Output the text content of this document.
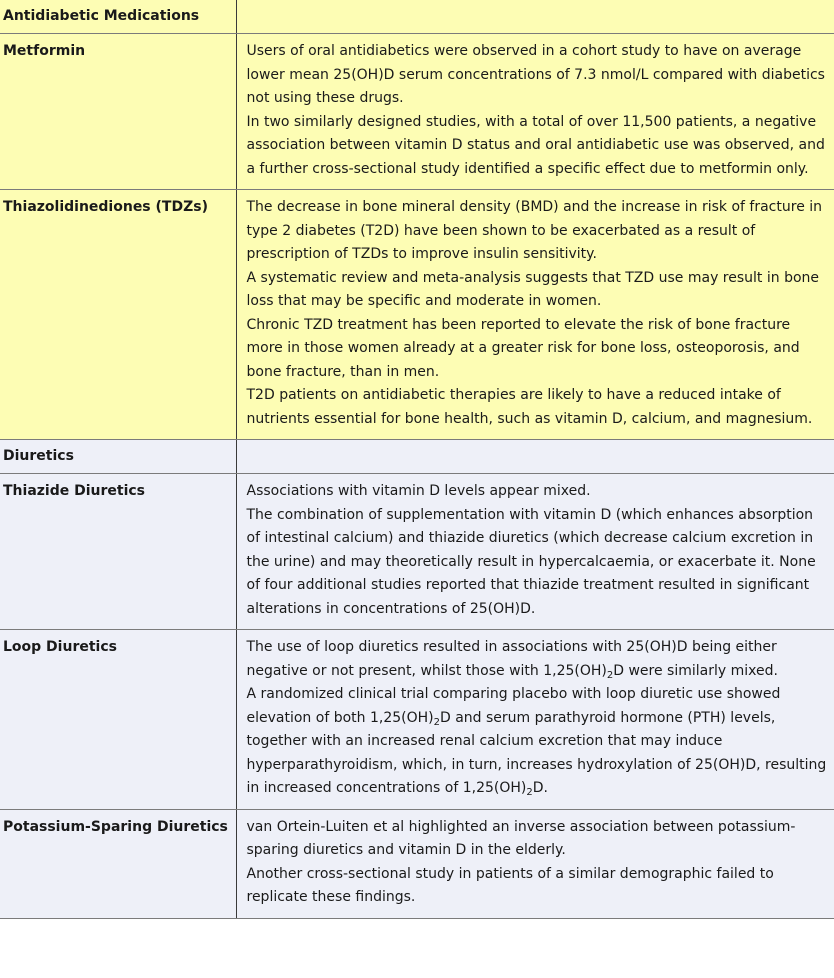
Antidiabetic Medications	
Metformin	Users of oral antidiabetics were observed in a cohort study to have on average lower mean 25(OH)D serum concentrations of 7.3 nmol/L compared with diabetics not using these drugs.
In two similarly designed studies, with a total of over 11,500 patients, a negative association between vitamin D status and oral antidiabetic use was observed, and a further cross-sectional study identified a specific effect due to metformin only.

Thiazolidinediones (TDZs)	The decrease in bone mineral density (BMD) and the increase in risk of fracture in type 2 diabetes (T2D) have been shown to be exacerbated as a result of prescription of TZDs to improve insulin sensitivity.
A systematic review and meta-analysis suggests that TZD use may result in bone loss that may be specific and moderate in women.
Chronic TZD treatment has been reported to elevate the risk of bone fracture more in those women already at a greater risk for bone loss, osteoporosis, and bone fracture, than in men.
T2D patients on antidiabetic therapies are likely to have a reduced intake of nutrients essential for bone health, such as vitamin D, calcium, and magnesium.

Diuretics	
Thiazide Diuretics	Associations with vitamin D levels appear mixed.
The combination of supplementation with vitamin D (which enhances absorption of intestinal calcium) and thiazide diuretics (which decrease calcium excretion in the urine) and may theoretically result in hypercalcaemia, or exacerbate it. None of four additional studies reported that thiazide treatment resulted in significant alterations in concentrations of 25(OH)D.

Loop Diuretics	The use of loop diuretics resulted in associations with 25(OH)D being either negative or not present, whilst those with $1,25(OH)_2D$ were similarly mixed.
A randomized clinical trial comparing placebo with loop diuretic use showed elevation of both $1,25(OH)_2D$ and serum parathyroid hormone (PTH) levels, together with an increased renal calcium excretion that may induce hyperparathyroidism, which, in turn, increases hydroxylation of 25(OH)D, resulting in increased concentrations of $1,25(OH)_2D$.

Potassium-Sparing Diuretics	van Ortein-Luiten et al highlighted an inverse association between potassium-sparing diuretics and vitamin D in the elderly.
Another cross-sectional study in patients of a similar demographic failed to replicate these findings.
